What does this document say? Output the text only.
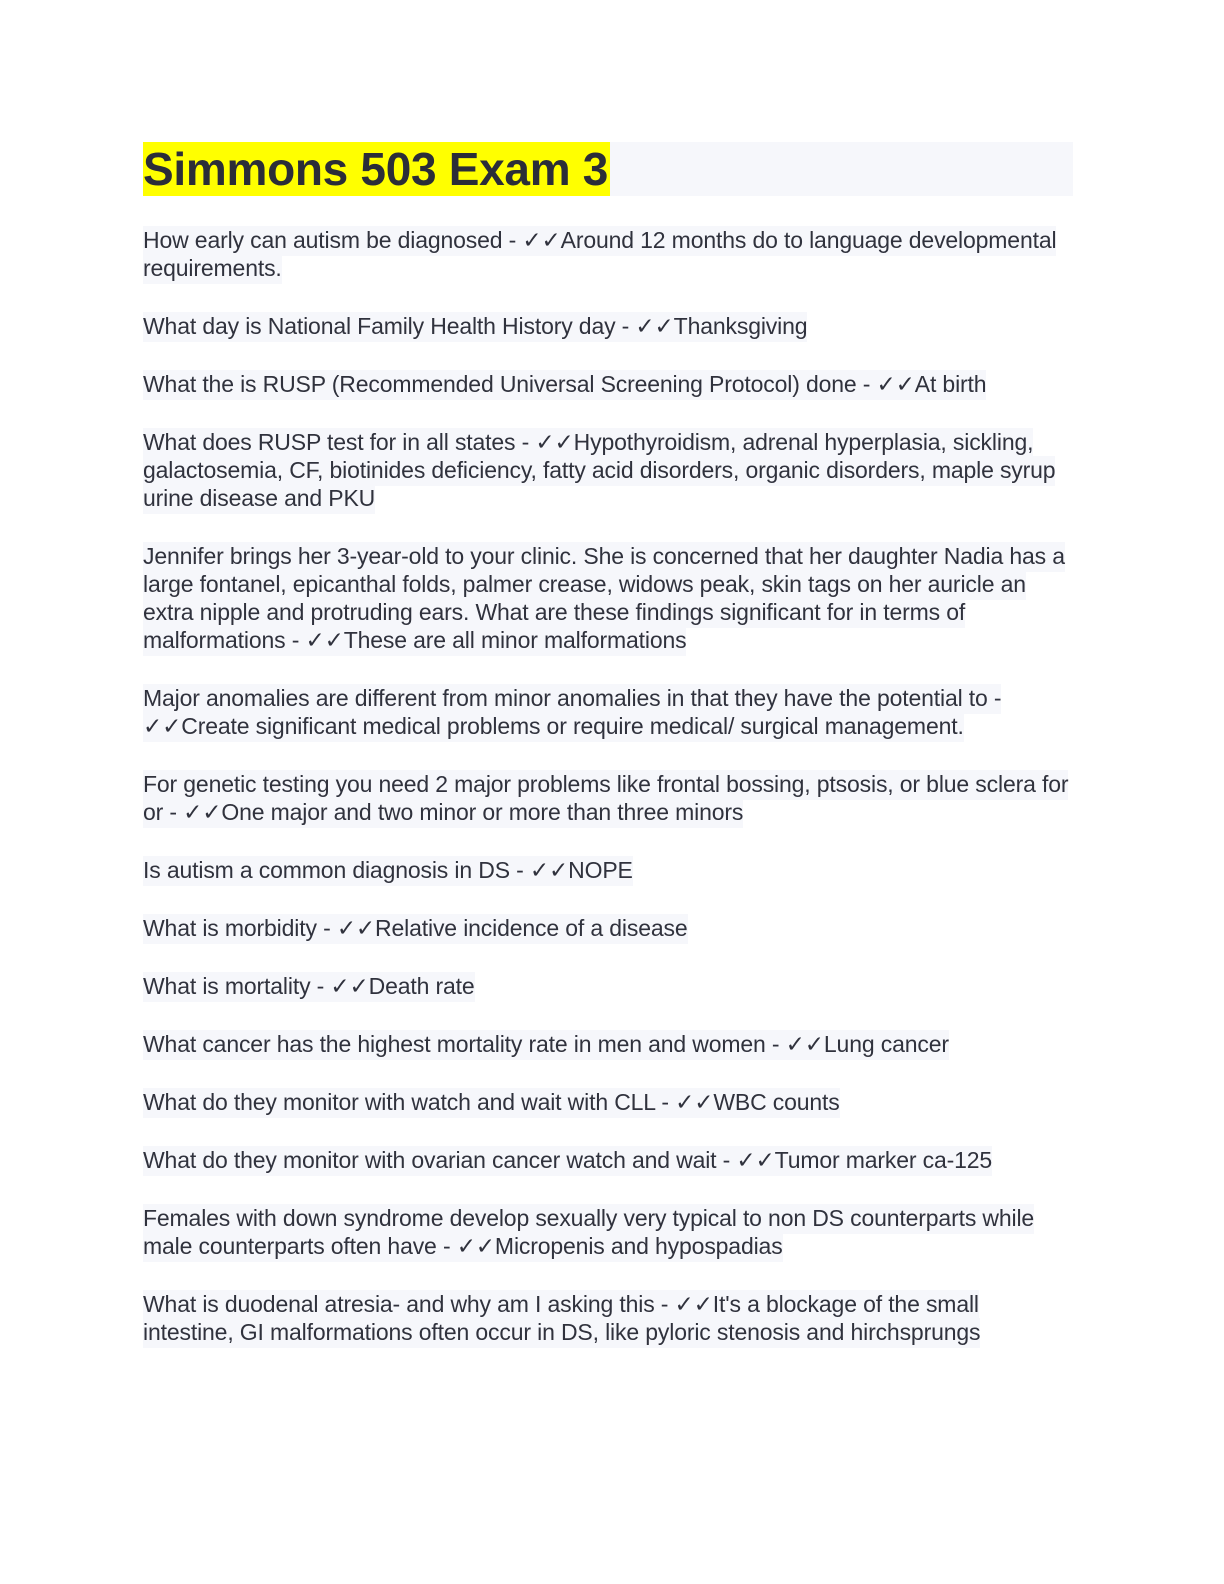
Simmons 503 Exam 3

How early can autism be diagnosed - ✓✓Around 12 months do to language developmental requirements.

What day is National Family Health History day - ✓✓Thanksgiving

What the is RUSP (Recommended Universal Screening Protocol) done - ✓✓At birth

What does RUSP test for in all states - ✓✓Hypothyroidism, adrenal hyperplasia, sickling, galactosemia, CF, biotinides deficiency, fatty acid disorders, organic disorders, maple syrup urine disease and PKU

Jennifer brings her 3-year-old to your clinic. She is concerned that her daughter Nadia has a large fontanel, epicanthal folds, palmer crease, widows peak, skin tags on her auricle an extra nipple and protruding ears. What are these findings significant for in terms of malformations - ✓✓These are all minor malformations

Major anomalies are different from minor anomalies in that they have the potential to - ✓✓Create significant medical problems or require medical/ surgical management.

For genetic testing you need 2 major problems like frontal bossing, ptsosis, or blue sclera for or - ✓✓One major and two minor or more than three minors

Is autism a common diagnosis in DS - ✓✓NOPE

What is morbidity - ✓✓Relative incidence of a disease

What is mortality - ✓✓Death rate

What cancer has the highest mortality rate in men and women - ✓✓Lung cancer

What do they monitor with watch and wait with CLL - ✓✓WBC counts

What do they monitor with ovarian cancer watch and wait - ✓✓Tumor marker ca-125

Females with down syndrome develop sexually very typical to non DS counterparts while male counterparts often have - ✓✓Micropenis and hypospadias

What is duodenal atresia- and why am I asking this - ✓✓It's a blockage of the small intestine, GI malformations often occur in DS, like pyloric stenosis and hirchsprungs
